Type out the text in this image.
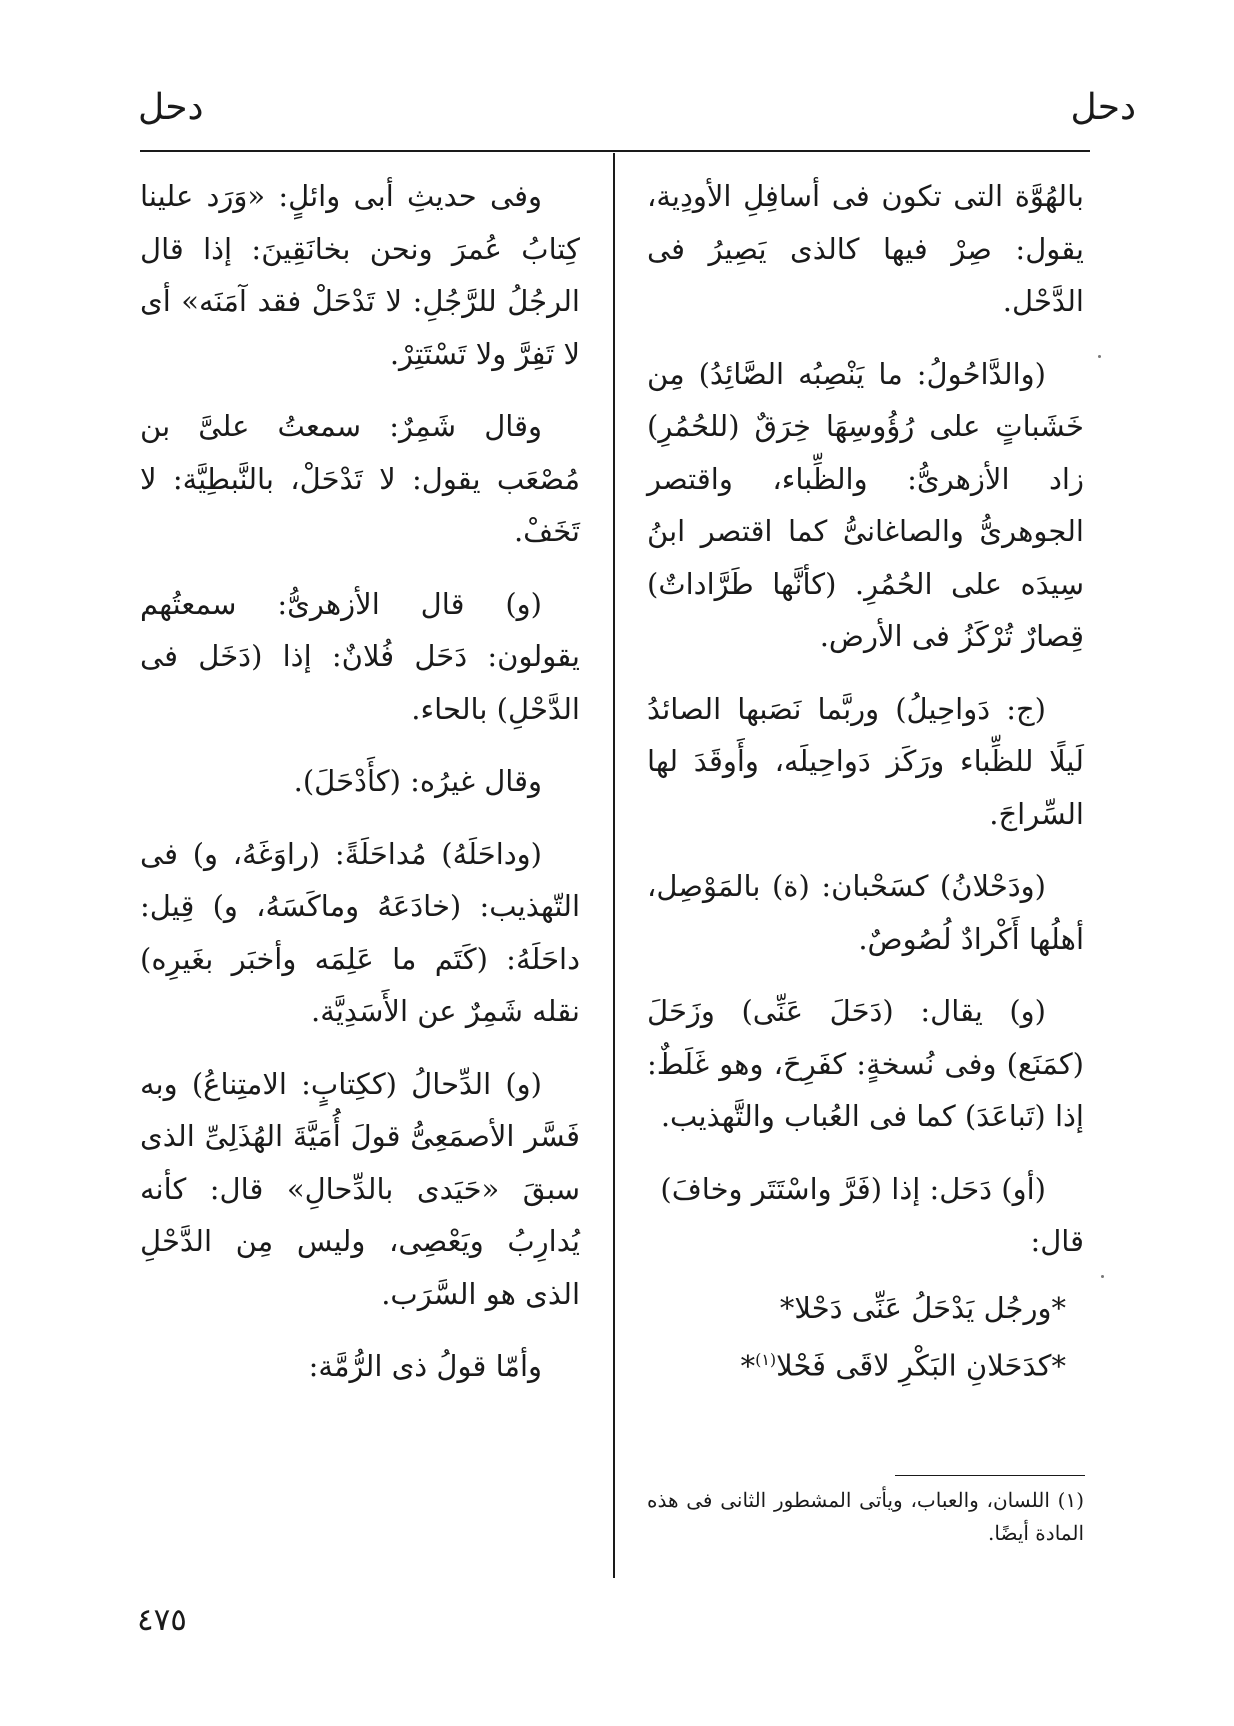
دحل
دحل

بالهُوَّة التى تكون فى أسافِلِ الأودِية، يقول: صِرْ فيها كالذى يَصِيرُ فى الدَّحْل.

(والدَّاحُولُ: ما يَنْصِبُه الصَّائِدُ) مِن خَشَباتٍ على رُؤُوسِهَا خِرَقٌ (للحُمُرِ) زاد الأزهرىُّ: والظِّباء، واقتصر الجوهرىُّ والصاغانىُّ كما اقتصر ابنُ سِيدَه على الحُمُرِ. (كأنَّها طَرَّاداتٌ) قِصارٌ تُرْكَزُ فى الأرض.

(ج: دَواحِيلُ) وربَّما نَصَبها الصائدُ لَيلًا للظِّباء ورَكَز دَواحِيلَه، وأَوقَدَ لها السِّراجَ.

(ودَحْلانُ) كسَحْبان: (ة) بالمَوْصِل، أهلُها أَكْرادٌ لُصُوصٌ.

(و) يقال: (دَحَلَ عَنِّى) وزَحَلَ (كمَنَع) وفى نُسخةٍ: كفَرِحَ، وهو غَلَطٌ: إذا (تَباعَدَ) كما فى العُباب والتَّهذيب.

(أو) دَحَل: إذا (فَرَّ واسْتَتَر وخافَ)

قال:

*ورجُل يَدْحَلُ عَنِّى دَحْلا*

*كدَحَلانِ البَكْرِ لاقَى فَحْلا$^{(١)}$*

(١) اللسان، والعباب، ويأتى المشطور الثانى فى هذه المادة أيضًا.

وفى حديثِ أبى وائلٍ: «وَرَد علينا كِتابُ عُمرَ ونحن بخانَقِينَ: إذا قال الرجُلُ للرَّجُلِ: لا تَدْحَلْ فقد آمَنَه» أى لا تَفِرَّ ولا تَسْتَتِرْ.

وقال شَمِرٌ: سمعتُ علىَّ بن مُصْعَب يقول: لا تَدْحَلْ، بالنَّبطِيَّة: لا تَخَفْ.

(و) قال الأزهرىُّ: سمعتُهم يقولون: دَحَل فُلانٌ: إذا (دَخَل فى الدَّحْلِ) بالحاء.

وقال غيرُه: (كأَدْحَلَ).

(وداحَلَهُ) مُداحَلَةً: (راوَغَهُ، و) فى التّهذيب: (خادَعَهُ وماكَسَهُ، و) قِيل: داحَلَهُ: (كَتَم ما عَلِمَه وأخبَر بغَيرِه) نقله شَمِرٌ عن الأَسَدِيَّة.

(و) الدِّحالُ (ككِتابٍ: الامتِناعُ) وبه فَسَّر الأصمَعِىُّ قولَ أُمَيَّةَ الهُذَلِىِّ الذى سبقَ «حَيَدى بالدِّحالِ» قال: كأنه يُدارِبُ ويَعْصِى، وليس مِن الدَّحْلِ الذى هو السَّرَب.

وأمّا قولُ ذى الرُّمَّة:

٤٧٥
